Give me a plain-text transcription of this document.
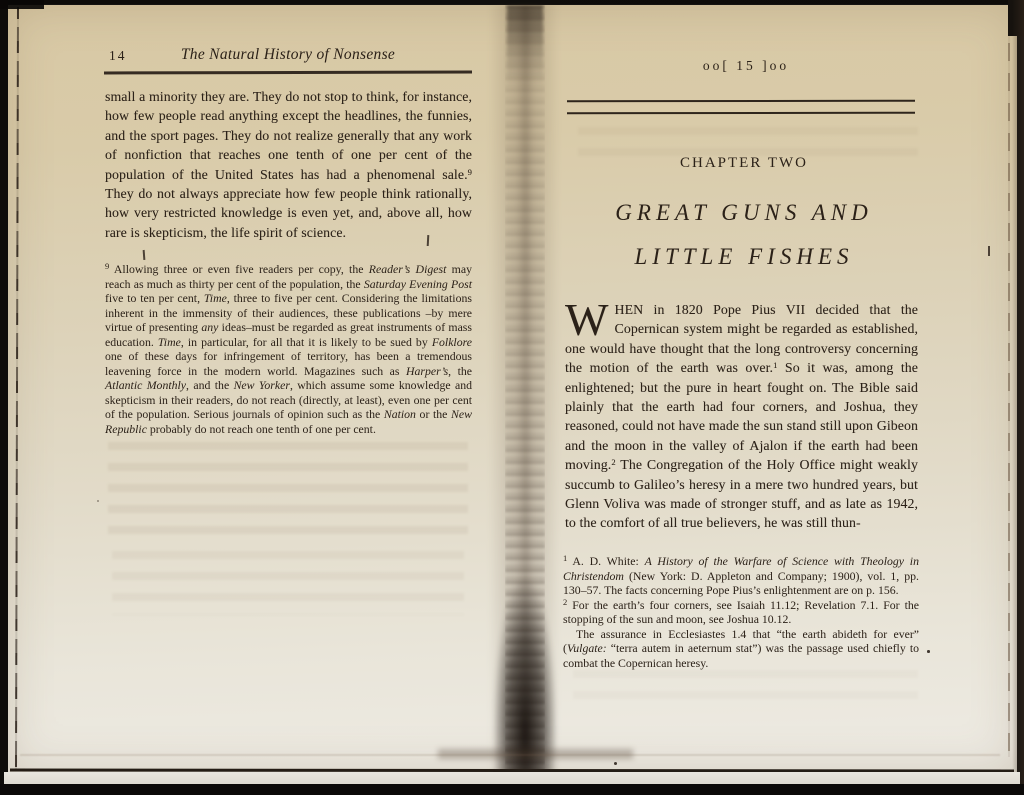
14	The Natural History of Nonsense

small a minority they are. They do not stop to think, for instance, how few people read anything except the headlines, the funnies, and the sport pages. They do not realize generally that any work of nonfiction that reaches one tenth of one per cent of the population of the United States has had a phenomenal sale.$^9$ They do not always appreciate how few people think rationally, how very restricted knowledge is even yet, and, above all, how rare is skepticism, the life spirit of science.

$^9$ Allowing three or even five readers per copy, the Reader’s Digest may reach as much as thirty per cent of the population, the Saturday Evening Post five to ten per cent, Time, three to five per cent. Considering the limitations inherent in the immensity of their audiences, these publications –by mere virtue of presenting any ideas–must be regarded as great instruments of mass education. Time, in particular, for all that it is likely to be sued by Folklore one of these days for infringement of territory, has been a tremendous leavening force in the modern world. Magazines such as Harper’s, the Atlantic Monthly, and the New Yorker, which assume some knowledge and skepticism in their readers, do not reach (directly, at least), even one per cent of the population. Serious journals of opinion such as the Nation or the New Republic probably do not reach one tenth of one per cent.
oo[ 15 ]oo
CHAPTER TWO
GREAT GUNS AND
LITTLE FISHES

WHEN in 1820 Pope Pius VII decided that the Copernican system might be regarded as established, one would have thought that the long controversy concerning the motion of the earth was over.$^1$ So it was, among the enlightened; but the pure in heart fought on. The Bible said plainly that the earth had four corners, and Joshua, they reasoned, could not have made the sun stand still upon Gibeon and the moon in the valley of Ajalon if the earth had been moving.$^2$ The Congregation of the Holy Office might weakly succumb to Galileo’s heresy in a mere two hundred years, but Glenn Voliva was made of stronger stuff, and as late as 1942, to the comfort of all true believers, he was still thun-

$^1$ A. D. White: A History of the Warfare of Science with Theology in Christendom (New York: D. Appleton and Company; 1900), vol. 1, pp. 130–57. The facts concerning Pope Pius’s enlightenment are on p. 156.

$^2$ For the earth’s four corners, see Isaiah 11.12; Revelation 7.1. For the stopping of the sun and moon, see Joshua 10.12.

The assurance in Ecclesiastes 1.4 that “the earth abideth for ever” (Vulgate: “terra autem in aeternum stat”) was the passage used chiefly to combat the Copernican heresy.
